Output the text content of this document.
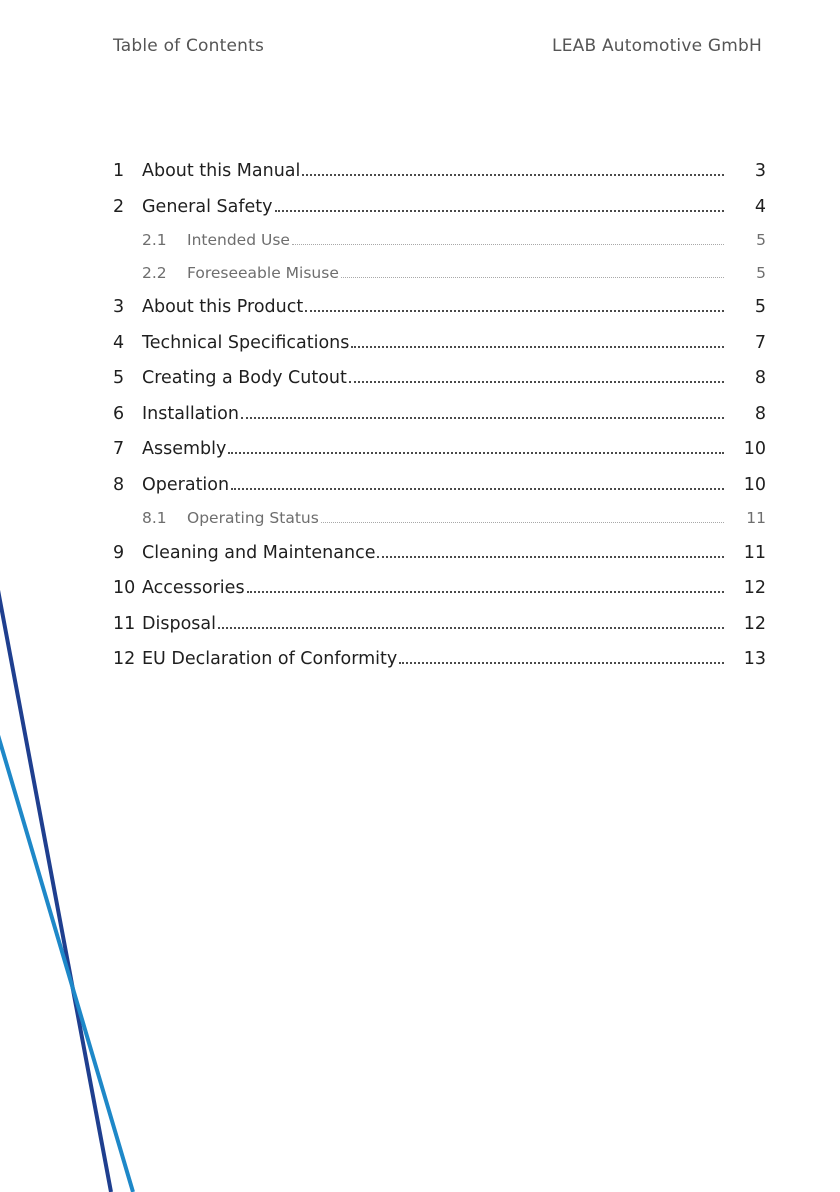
Table of Contents	LEAB Automotive GmbH
1	About this Manual	3
2	General Safety	4
2.1	Intended Use	5
2.2	Foreseeable Misuse	5
3	About this Product	5
4	Technical Specifications	7
5	Creating a Body Cutout	8
6	Installation	8
7	Assembly	10
8	Operation	10
8.1	Operating Status	11
9	Cleaning and Maintenance	11
10 Accessories	12
11 Disposal	12
12 EU Declaration of Conformity	13
